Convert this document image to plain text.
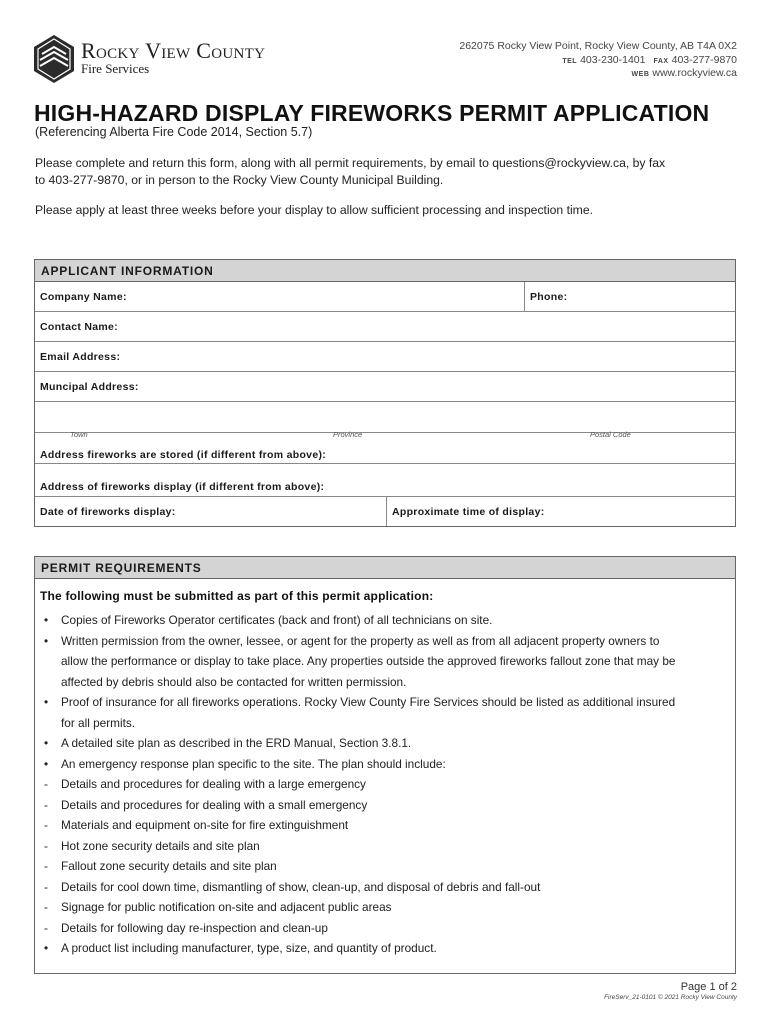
Rocky View County
Fire Services
262075 Rocky View Point, Rocky View County, AB T4A 0X2
TEL 403-230-1401 FAX 403-277-9870
WEB www.rockyview.ca
HIGH-HAZARD DISPLAY FIREWORKS PERMIT APPLICATION
(Referencing Alberta Fire Code 2014, Section 5.7)
Please complete and return this form, along with all permit requirements, by email to questions@rockyview.ca, by fax
to 403-277-9870, or in person to the Rocky View County Municipal Building.
Please apply at least three weeks before your display to allow sufficient processing and inspection time.
APPLICANT INFORMATION
Company Name:	Phone:
Contact Name:
Email Address:
Muncipal Address:
Town	Province	Postal Code
Address fireworks are stored (if different from above):
Address of fireworks display (if different from above):
Date of fireworks display:	Approximate time of display:
PERMIT REQUIREMENTS
The following must be submitted as part of this permit application:
•	Copies of Fireworks Operator certificates (back and front) of all technicians on site.
•	Written permission from the owner, lessee, or agent for the property as well as from all adjacent property owners to
allow the performance or display to take place. Any properties outside the approved fireworks fallout zone that may be
affected by debris should also be contacted for written permission.
•	Proof of insurance for all fireworks operations. Rocky View County Fire Services should be listed as additional insured
for all permits.
•	A detailed site plan as described in the ERD Manual, Section 3.8.1.
•	An emergency response plan specific to the site. The plan should include:
-	Details and procedures for dealing with a large emergency
-	Details and procedures for dealing with a small emergency
-	Materials and equipment on-site for fire extinguishment
-	Hot zone security details and site plan
-	Fallout zone security details and site plan
-	Details for cool down time, dismantling of show, clean-up, and disposal of debris and fall-out
-	Signage for public notification on-site and adjacent public areas
-	Details for following day re-inspection and clean-up
•	A product list including manufacturer, type, size, and quantity of product.
Page 1 of 2
FireServ_21-0101 © 2021 Rocky View County
